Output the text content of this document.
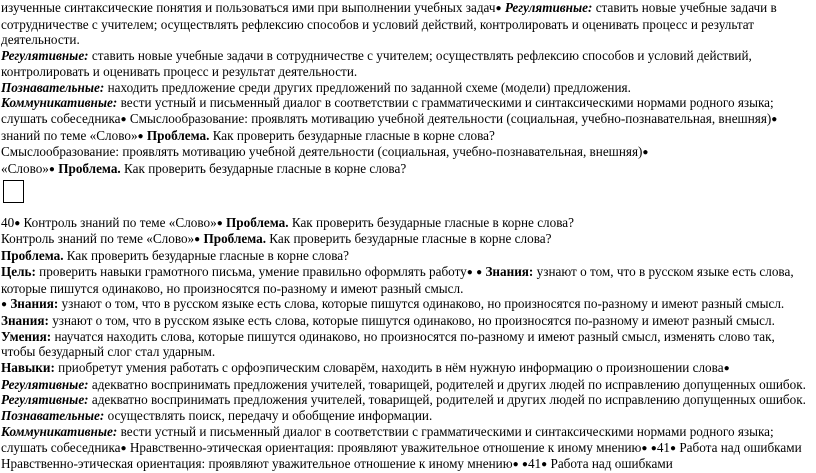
изученные синтаксические понятия и пользоваться ими при выполнении учебных задач● Регулятивные: ставить новые учебные задачи в сотрудничестве с учителем; осуществлять рефлексию способов и условий действий, контролировать и оценивать процесс и результат деятельности.
Регулятивные: ставить новые учебные задачи в сотрудничестве с учителем; осуществлять рефлексию способов и условий действий, контролировать и оценивать процесс и результат деятельности.
Познавательные: находить предложение среди других предложений по заданной схеме (модели) предложения.
Коммуникативные: вести устный и письменный диалог в соответствии с грамматическими и синтаксическими нормами родного языка; слушать собеседника● Смыслообразование: проявлять мотивацию учебной деятельности (социальная, учебно-познавательная, внешняя)●
знаний по теме «Слово»● Проблема. Как проверить безударные гласные в корне слова?
Смыслообразование: проявлять мотивацию учебной деятельности (социальная, учебно-познавательная, внешняя)●
«Слово»● Проблема. Как проверить безударные гласные в корне слова?
40● Контроль знаний по теме «Слово»● Проблема. Как проверить безударные гласные в корне слова?
Контроль знаний по теме «Слово»● Проблема. Как проверить безударные гласные в корне слова?
Проблема. Как проверить безударные гласные в корне слова?
Цель: проверить навыки грамотного письма, умение правильно оформлять работу● ● Знания: узнают о том, что в русском языке есть слова, которые пишутся одинаково, но произносятся по-разному и имеют разный смысл.
● Знания: узнают о том, что в русском языке есть слова, которые пишутся одинаково, но произносятся по-разному и имеют разный смысл.
Знания: узнают о том, что в русском языке есть слова, которые пишутся одинаково, но произносятся по-разному и имеют разный смысл.
Умения: научатся находить слова, которые пишутся одинаково, но произносятся по-разному и имеют разный смысл, изменять слово так, чтобы безударный слог стал ударным.
Навыки: приобретут умения работать с орфоэпическим словарём, находить в нём нужную информацию о произношении слова● Регулятивные: адекватно воспринимать предложения учителей, товарищей, родителей и других людей по исправлению допущенных ошибок.
Регулятивные: адекватно воспринимать предложения учителей, товарищей, родителей и других людей по исправлению допущенных ошибок.
Познавательные: осуществлять поиск, передачу и обобщение информации.
Коммуникативные: вести устный и письменный диалог в соответствии с грамматическими и синтаксическими нормами родного языка; слушать собеседника● Нравственно-этическая ориентация: проявляют уважительное отношение к иному мнению● ●41● Работа над ошибками
Нравственно-этическая ориентация: проявляют уважительное отношение к иному мнению● ●41● Работа над ошибками
